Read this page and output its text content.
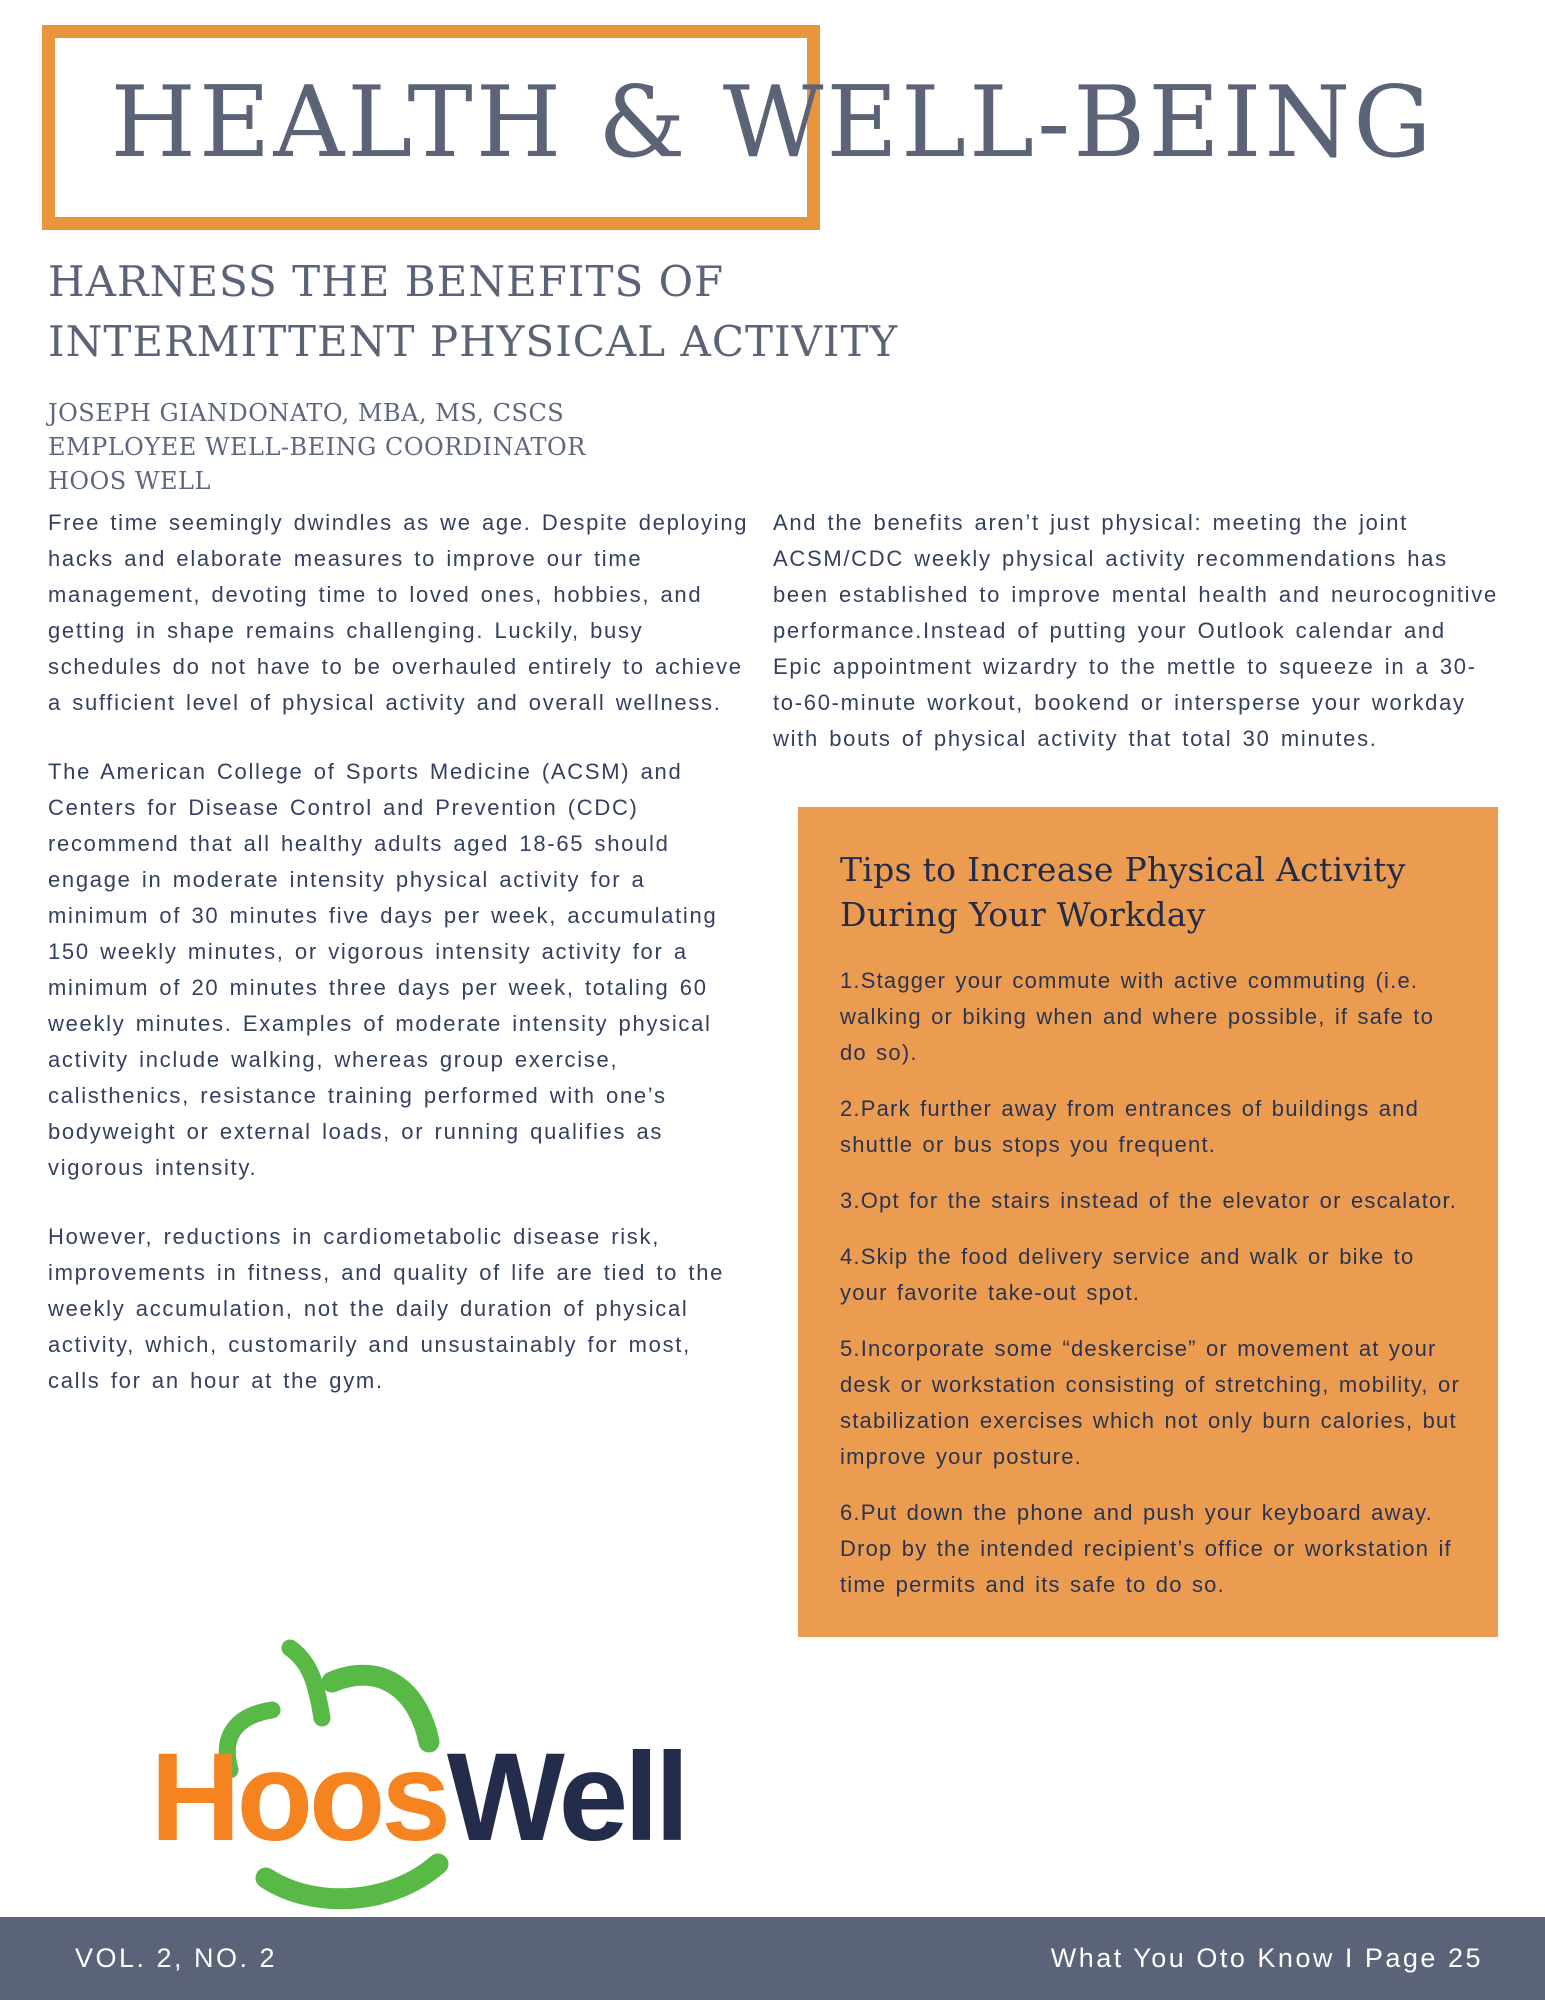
HEALTH & WELL-BEING
HARNESS THE BENEFITS OF
INTERMITTENT PHYSICAL ACTIVITY
JOSEPH GIANDONATO, MBA, MS, CSCS
EMPLOYEE WELL-BEING COORDINATOR
HOOS WELL

Free time seemingly dwindles as we age. Despite deploying hacks and elaborate measures to improve our time management, devoting time to loved ones, hobbies, and getting in shape remains challenging. Luckily, busy schedules do not have to be overhauled entirely to achieve a sufficient level of physical activity and overall wellness.

The American College of Sports Medicine (ACSM) and Centers for Disease Control and Prevention (CDC) recommend that all healthy adults aged 18-65 should engage in moderate intensity physical activity for a minimum of 30 minutes five days per week, accumulating 150 weekly minutes, or vigorous intensity activity for a minimum of 20 minutes three days per week, totaling 60 weekly minutes. Examples of moderate intensity physical activity include walking, whereas group exercise, calisthenics, resistance training performed with one’s bodyweight or external loads, or running qualifies as vigorous intensity.

However, reductions in cardiometabolic disease risk, improvements in fitness, and quality of life are tied to the weekly accumulation, not the daily duration of physical activity, which, customarily and unsustainably for most, calls for an hour at the gym.

And the benefits aren’t just physical: meeting the joint ACSM/CDC weekly physical activity recommendations has been established to improve mental health and neurocognitive performance.Instead of putting your Outlook calendar and Epic appointment wizardry to the mettle to squeeze in a 30-to-60-minute workout, bookend or intersperse your workday with bouts of physical activity that total 30 minutes.

Tips to Increase Physical Activity During Your Workday

1.Stagger your commute with active commuting (i.e. walking or biking when and where possible, if safe to do so).

2.Park further away from entrances of buildings and shuttle or bus stops you frequent.

3.Opt for the stairs instead of the elevator or escalator.

4.Skip the food delivery service and walk or bike to your favorite take-out spot.

5.Incorporate some “deskercise” or movement at your desk or workstation consisting of stretching, mobility, or stabilization exercises which not only burn calories, but improve your posture.

6.Put down the phone and push your keyboard away. Drop by the intended recipient’s office or workstation if time permits and its safe to do so.

HoosWell
VOL. 2, NO. 2	What You Oto Know I Page 25
